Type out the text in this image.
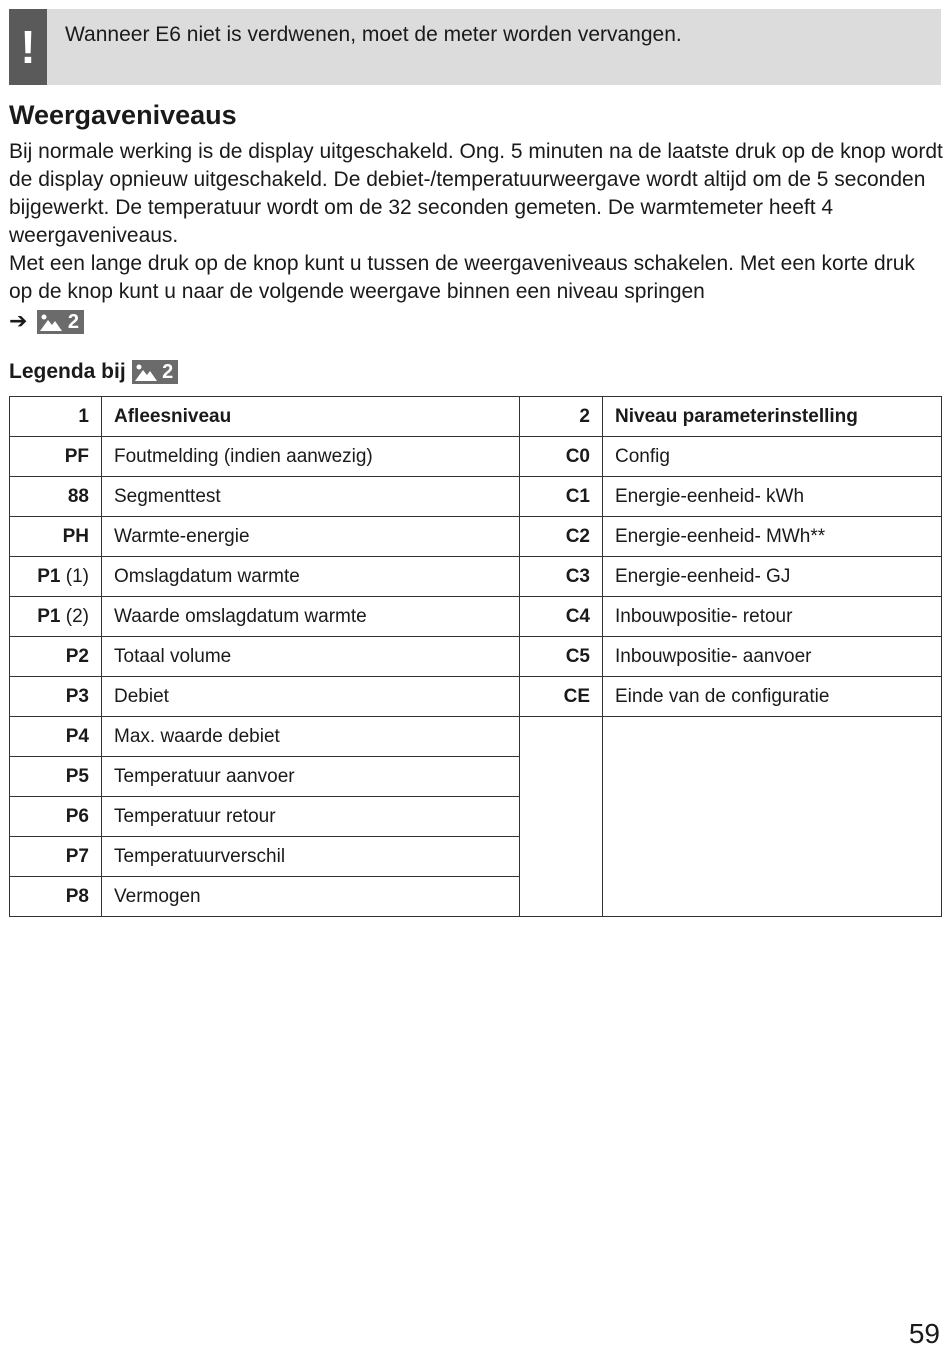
!	Wanneer E6 niet is verdwenen, moet de meter worden vervangen.
Weergaveniveaus

Bij normale werking is de display uitgeschakeld. Ong. 5 minuten na de laatste druk op de knop wordt de display opnieuw uitgeschakeld. De debiet-/temperatuurweergave wordt altijd om de 5 seconden bijgewerkt. De temperatuur wordt om de 32 seconden gemeten. De warmtemeter heeft 4 weergaveniveaus.

Met een lange druk op de knop kunt u tussen de weergaveniveaus schakelen. Met een korte druk op de knop kunt u naar de volgende weergave binnen een niveau springen

➔ 2
Legenda bij 2
1	Afleesniveau	2	Niveau parameterinstelling
PF	Foutmelding (indien aanwezig)	C0	Config
88	Segmenttest	C1	Energie-eenheid- kWh
PH	Warmte-energie	C2	Energie-eenheid- MWh**
P1 (1)	Omslagdatum warmte	C3	Energie-eenheid- GJ
P1 (2)	Waarde omslagdatum warmte	C4	Inbouwpositie- retour
P2	Totaal volume	C5	Inbouwpositie- aanvoer
P3	Debiet	CE	Einde van de configuratie
P4	Max. waarde debiet		
P5	Temperatuur aanvoer		
P6	Temperatuur retour		
P7	Temperatuurverschil		
P8	Vermogen		
59
